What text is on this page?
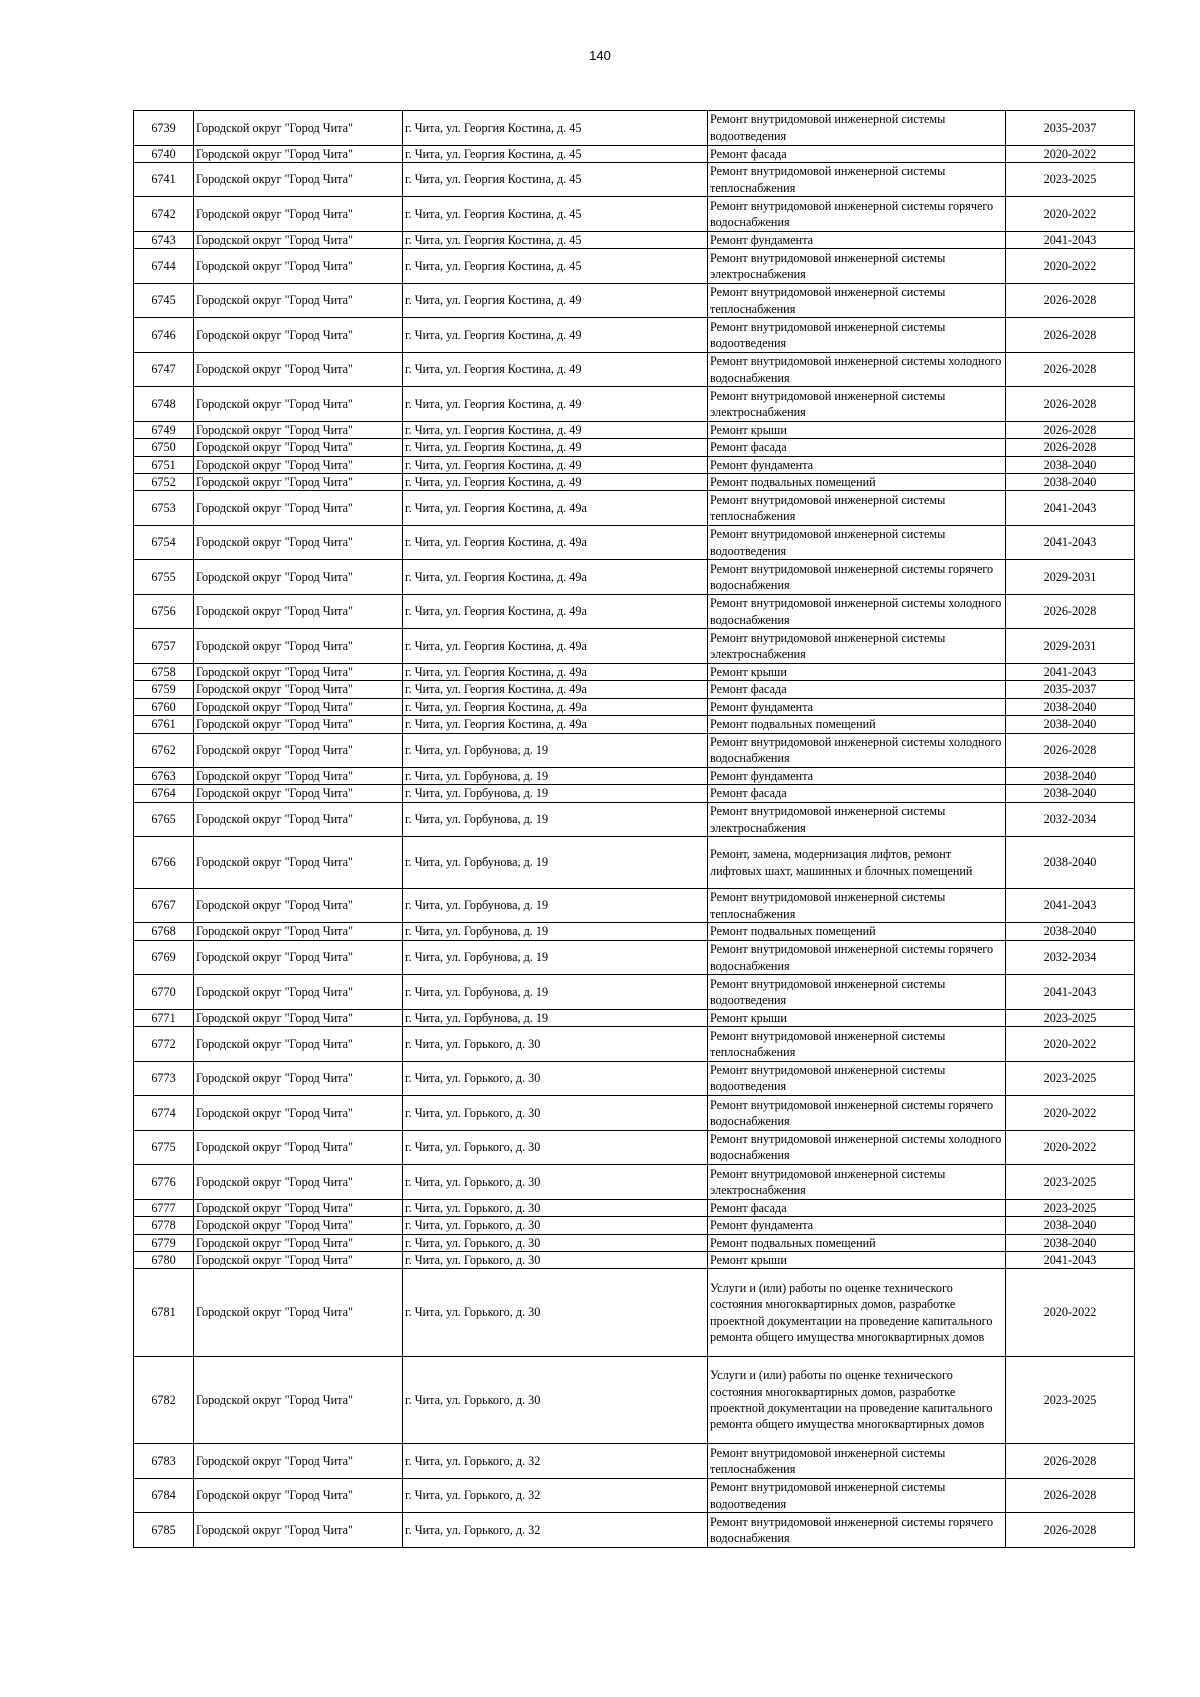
140
6739	Городской округ "Город Чита"	г. Чита, ул. Георгия Костина, д. 45	Ремонт внутридомовой инженерной системы водоотведения	2035-2037
6740	Городской округ "Город Чита"	г. Чита, ул. Георгия Костина, д. 45	Ремонт фасада	2020-2022
6741	Городской округ "Город Чита"	г. Чита, ул. Георгия Костина, д. 45	Ремонт внутридомовой инженерной системы теплоснабжения	2023-2025
6742	Городской округ "Город Чита"	г. Чита, ул. Георгия Костина, д. 45	Ремонт внутридомовой инженерной системы горячего водоснабжения	2020-2022
6743	Городской округ "Город Чита"	г. Чита, ул. Георгия Костина, д. 45	Ремонт фундамента	2041-2043
6744	Городской округ "Город Чита"	г. Чита, ул. Георгия Костина, д. 45	Ремонт внутридомовой инженерной системы электроснабжения	2020-2022
6745	Городской округ "Город Чита"	г. Чита, ул. Георгия Костина, д. 49	Ремонт внутридомовой инженерной системы теплоснабжения	2026-2028
6746	Городской округ "Город Чита"	г. Чита, ул. Георгия Костина, д. 49	Ремонт внутридомовой инженерной системы водоотведения	2026-2028
6747	Городской округ "Город Чита"	г. Чита, ул. Георгия Костина, д. 49	Ремонт внутридомовой инженерной системы холодного водоснабжения	2026-2028
6748	Городской округ "Город Чита"	г. Чита, ул. Георгия Костина, д. 49	Ремонт внутридомовой инженерной системы электроснабжения	2026-2028
6749	Городской округ "Город Чита"	г. Чита, ул. Георгия Костина, д. 49	Ремонт крыши	2026-2028
6750	Городской округ "Город Чита"	г. Чита, ул. Георгия Костина, д. 49	Ремонт фасада	2026-2028
6751	Городской округ "Город Чита"	г. Чита, ул. Георгия Костина, д. 49	Ремонт фундамента	2038-2040
6752	Городской округ "Город Чита"	г. Чита, ул. Георгия Костина, д. 49	Ремонт подвальных помещений	2038-2040
6753	Городской округ "Город Чита"	г. Чита, ул. Георгия Костина, д. 49а	Ремонт внутридомовой инженерной системы теплоснабжения	2041-2043
6754	Городской округ "Город Чита"	г. Чита, ул. Георгия Костина, д. 49а	Ремонт внутридомовой инженерной системы водоотведения	2041-2043
6755	Городской округ "Город Чита"	г. Чита, ул. Георгия Костина, д. 49а	Ремонт внутридомовой инженерной системы горячего водоснабжения	2029-2031
6756	Городской округ "Город Чита"	г. Чита, ул. Георгия Костина, д. 49а	Ремонт внутридомовой инженерной системы холодного водоснабжения	2026-2028
6757	Городской округ "Город Чита"	г. Чита, ул. Георгия Костина, д. 49а	Ремонт внутридомовой инженерной системы электроснабжения	2029-2031
6758	Городской округ "Город Чита"	г. Чита, ул. Георгия Костина, д. 49а	Ремонт крыши	2041-2043
6759	Городской округ "Город Чита"	г. Чита, ул. Георгия Костина, д. 49а	Ремонт фасада	2035-2037
6760	Городской округ "Город Чита"	г. Чита, ул. Георгия Костина, д. 49а	Ремонт фундамента	2038-2040
6761	Городской округ "Город Чита"	г. Чита, ул. Георгия Костина, д. 49а	Ремонт подвальных помещений	2038-2040
6762	Городской округ "Город Чита"	г. Чита, ул. Горбунова, д. 19	Ремонт внутридомовой инженерной системы холодного водоснабжения	2026-2028
6763	Городской округ "Город Чита"	г. Чита, ул. Горбунова, д. 19	Ремонт фундамента	2038-2040
6764	Городской округ "Город Чита"	г. Чита, ул. Горбунова, д. 19	Ремонт фасада	2038-2040
6765	Городской округ "Город Чита"	г. Чита, ул. Горбунова, д. 19	Ремонт внутридомовой инженерной системы электроснабжения	2032-2034
6766	Городской округ "Город Чита"	г. Чита, ул. Горбунова, д. 19	Ремонт, замена, модернизация лифтов, ремонт лифтовых шахт, машинных и блочных помещений	2038-2040
6767	Городской округ "Город Чита"	г. Чита, ул. Горбунова, д. 19	Ремонт внутридомовой инженерной системы теплоснабжения	2041-2043
6768	Городской округ "Город Чита"	г. Чита, ул. Горбунова, д. 19	Ремонт подвальных помещений	2038-2040
6769	Городской округ "Город Чита"	г. Чита, ул. Горбунова, д. 19	Ремонт внутридомовой инженерной системы горячего водоснабжения	2032-2034
6770	Городской округ "Город Чита"	г. Чита, ул. Горбунова, д. 19	Ремонт внутридомовой инженерной системы водоотведения	2041-2043
6771	Городской округ "Город Чита"	г. Чита, ул. Горбунова, д. 19	Ремонт крыши	2023-2025
6772	Городской округ "Город Чита"	г. Чита, ул. Горького, д. 30	Ремонт внутридомовой инженерной системы теплоснабжения	2020-2022
6773	Городской округ "Город Чита"	г. Чита, ул. Горького, д. 30	Ремонт внутридомовой инженерной системы водоотведения	2023-2025
6774	Городской округ "Город Чита"	г. Чита, ул. Горького, д. 30	Ремонт внутридомовой инженерной системы горячего водоснабжения	2020-2022
6775	Городской округ "Город Чита"	г. Чита, ул. Горького, д. 30	Ремонт внутридомовой инженерной системы холодного водоснабжения	2020-2022
6776	Городской округ "Город Чита"	г. Чита, ул. Горького, д. 30	Ремонт внутридомовой инженерной системы электроснабжения	2023-2025
6777	Городской округ "Город Чита"	г. Чита, ул. Горького, д. 30	Ремонт фасада	2023-2025
6778	Городской округ "Город Чита"	г. Чита, ул. Горького, д. 30	Ремонт фундамента	2038-2040
6779	Городской округ "Город Чита"	г. Чита, ул. Горького, д. 30	Ремонт подвальных помещений	2038-2040
6780	Городской округ "Город Чита"	г. Чита, ул. Горького, д. 30	Ремонт крыши	2041-2043
6781	Городской округ "Город Чита"	г. Чита, ул. Горького, д. 30	Услуги и (или) работы по оценке технического состояния многоквартирных домов, разработке проектной документации на проведение капитального ремонта общего имущества многоквартирных домов	2020-2022
6782	Городской округ "Город Чита"	г. Чита, ул. Горького, д. 30	Услуги и (или) работы по оценке технического состояния многоквартирных домов, разработке проектной документации на проведение капитального ремонта общего имущества многоквартирных домов	2023-2025
6783	Городской округ "Город Чита"	г. Чита, ул. Горького, д. 32	Ремонт внутридомовой инженерной системы теплоснабжения	2026-2028
6784	Городской округ "Город Чита"	г. Чита, ул. Горького, д. 32	Ремонт внутридомовой инженерной системы водоотведения	2026-2028
6785	Городской округ "Город Чита"	г. Чита, ул. Горького, д. 32	Ремонт внутридомовой инженерной системы горячего водоснабжения	2026-2028
